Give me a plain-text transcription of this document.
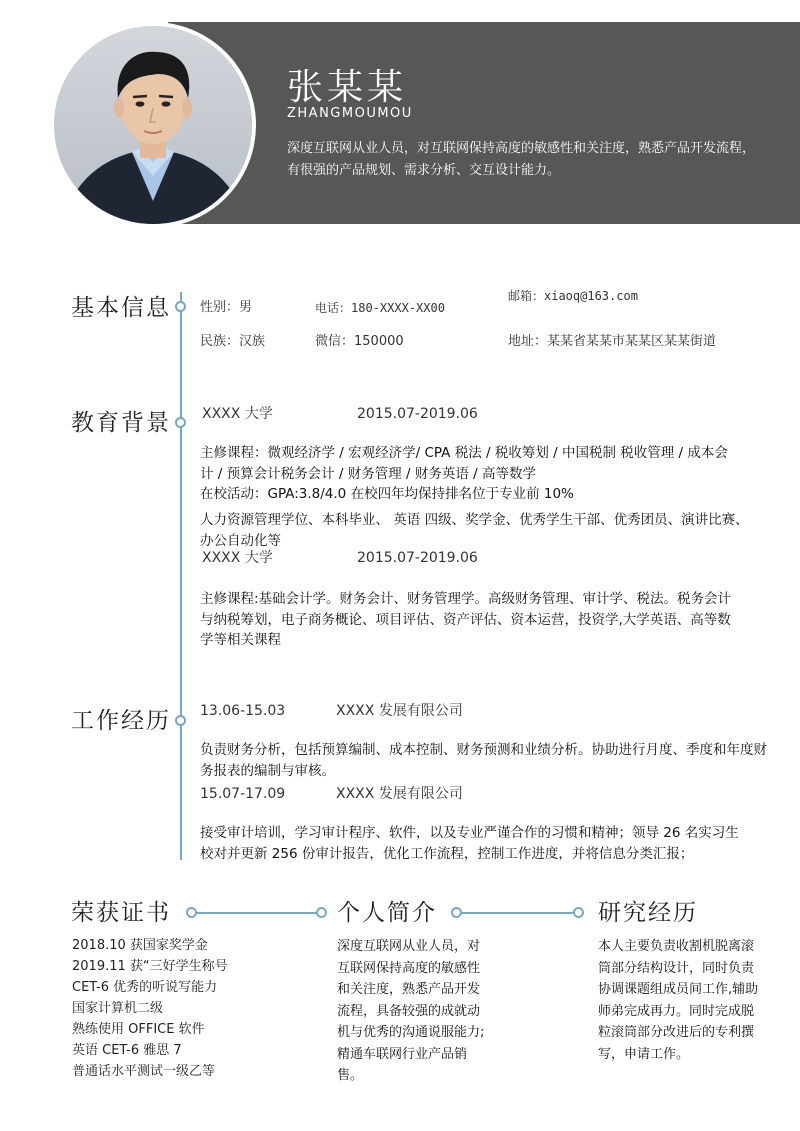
张某某
ZHANGMOUMOU
深度互联网从业人员，对互联网保持高度的敏感性和关注度，熟悉产品开发流程，有很强的产品规划、需求分析、交互设计能力。
基本信息 性别：男	电话：180-XXXX-XX00
邮箱：xiaoq@163.com
民族：汉族	微信：150000	地址：某某省某某市某某区某某街道
教育背景 XXXX 大学	2015.07-2019.06
主修课程：微观经济学 / 宏观经济学/ CPA 税法 / 税收筹划 / 中国税制 税收管理 / 成本会计 / 预算会计税务会计 / 财务管理 / 财务英语 / 高等数学
在校活动：GPA:3.8/4.0 在校四年均保持排名位于专业前 10%
人力资源管理学位、本科毕业、 英语 四级、奖学金、优秀学生干部、优秀团员、演讲比赛、办公自动化等
XXXX 大学	2015.07-2019.06
主修课程:基础会计学。财务会计、财务管理学。高级财务管理、审计学、税法。税务会计与纳税筹划，电子商务概论、项目评估、资产评估、资本运营，投资学,大学英语、高等数学等相关课程
工作经历 13.06-15.03	XXXX 发展有限公司
负责财务分析，包括预算编制、成本控制、财务预测和业绩分析。协助进行月度、季度和年度财务报表的编制与审核。
15.07-17.09	XXXX 发展有限公司
接受审计培训，学习审计程序、软件，以及专业严谨合作的习惯和精神；领导 26 名实习生校对并更新 256 份审计报告，优化工作流程，控制工作进度，并将信息分类汇报；
荣获证书	个人简介	研究经历
2018.10 获国家奖学金
2019.11 获“三好学生称号
CET-6 优秀的听说写能力
国家计算机二级
熟练使用 OFFICE 软件
英语 CET-6 雅思 7
普通话水平测试一级乙等
深度互联网从业人员，对互联网保持高度的敏感性和关注度，熟悉产品开发流程，具备较强的成就动机与优秀的沟通说服能力;精通车联网行业产品销售。
本人主要负责收割机脱离滚筒部分结构设计，同时负责协调课题组成员间工作,辅助师弟完成再力。同时完成脱粒滚筒部分改进后的专利撰写，申请工作。
